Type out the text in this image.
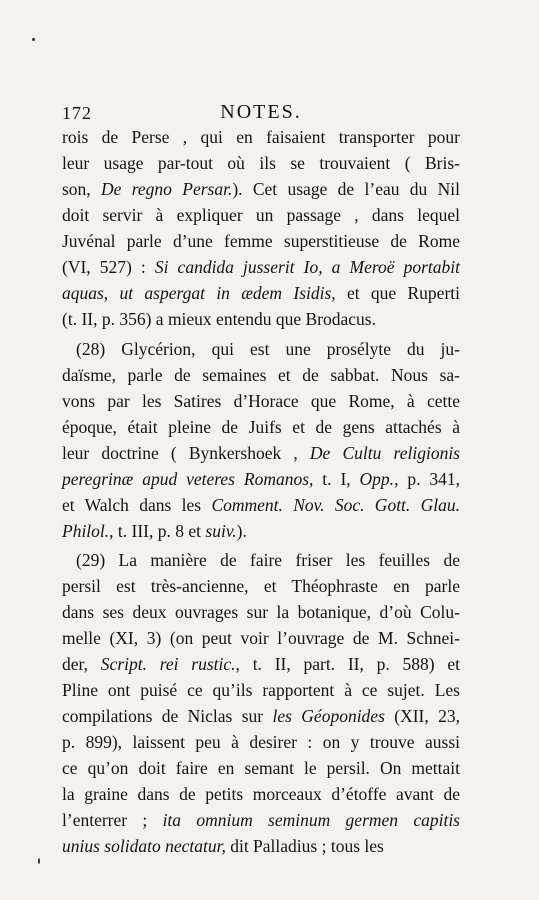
172	NOTES.
rois de Perse , qui en faisaient transporter pour
leur usage par-tout où ils se trouvaient ( Bris-
son, De regno Persar.). Cet usage de l’eau du Nil
doit servir à expliquer un passage , dans lequel
Juvénal parle d’une femme superstitieuse de Rome
(VI, 527) : Si candida jusserit Io, a Meroë portabit
aquas, ut aspergat in ædem Isidis, et que Ruperti
(t. II, p. 356) a mieux entendu que Brodacus.
(28) Glycérion, qui est une prosélyte du ju-
daïsme, parle de semaines et de sabbat. Nous sa-
vons par les Satires d’Horace que Rome, à cette
époque, était pleine de Juifs et de gens attachés à
leur doctrine ( Bynkershoek , De Cultu religionis
peregrinæ apud veteres Romanos, t. I, Opp., p. 341,
et Walch dans les Comment. Nov. Soc. Gott. Glau.
Philol., t. III, p. 8 et suiv.).
(29) La manière de faire friser les feuilles de
persil est très-ancienne, et Théophraste en parle
dans ses deux ouvrages sur la botanique, d’où Colu-
melle (XI, 3) (on peut voir l’ouvrage de M. Schnei-
der, Script. rei rustic., t. II, part. II, p. 588) et
Pline ont puisé ce qu’ils rapportent à ce sujet. Les
compilations de Niclas sur les Géoponides (XII, 23,
p. 899), laissent peu à desirer : on y trouve aussi
ce qu’on doit faire en semant le persil. On mettait
la graine dans de petits morceaux d’étoffe avant de
l’enterrer ; ita omnium seminum germen capitis
unius solidato nectatur, dit Palladius ; tous les
